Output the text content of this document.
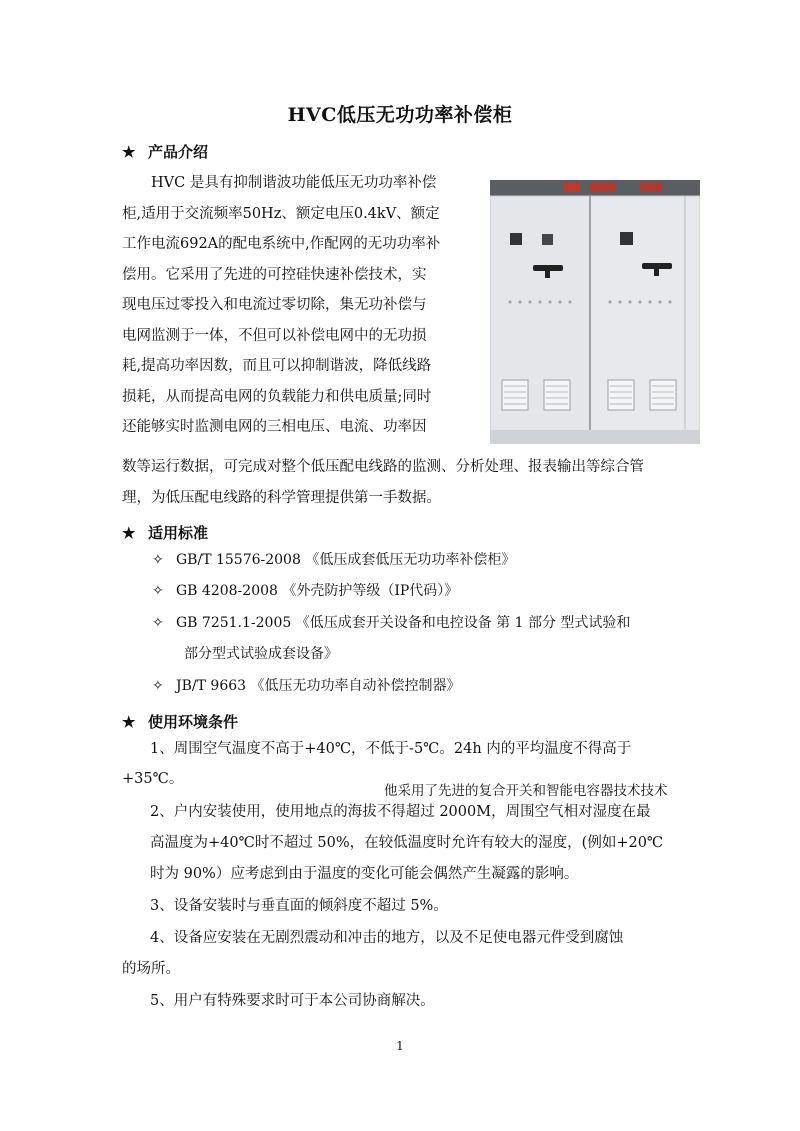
HVC低压无功功率补偿柜
★ 产品介绍
　　HVC 是具有抑制谐波功能低压无功功率补偿
柜,适用于交流频率50Hz、额定电压0.4kV、额定
工作电流692A的配电系统中,作配网的无功功率补
偿用。它采用了先进的可控硅快速补偿技术，实
现电压过零投入和电流过零切除，集无功补偿与
电网监测于一体，不但可以补偿电网中的无功损
耗,提高功率因数，而且可以抑制谐波，降低线路
损耗，从而提高电网的负载能力和供电质量;同时
还能够实时监测电网的三相电压、电流、功率因
数等运行数据，可完成对整个低压配电线路的监测、分析处理、报表输出等综合管
理，为低压配电线路的科学管理提供第一手数据。
★ 适用标准
✧ GB/T 15576-2008 《低压成套低压无功功率补偿柜》
✧ GB 4208-2008 《外壳防护等级（IP代码）》
✧ GB 7251.1-2005 《低压成套开关设备和电控设备 第 1 部分 型式试验和
部分型式试验成套设备》
✧ JB/T 9663 《低压无功功率自动补偿控制器》
★ 使用环境条件
1、周围空气温度不高于+40℃，不低于-5℃。24h 内的平均温度不得高于
+35℃。
他采用了先进的复合开关和智能电容器技术技术
2、户内安装使用，使用地点的海拔不得超过 2000M，周围空气相对湿度在最
高温度为+40℃时不超过 50%，在较低温度时允许有较大的湿度，(例如+20℃
时为 90%）应考虑到由于温度的变化可能会偶然产生凝露的影响。
3、设备安装时与垂直面的倾斜度不超过 5%。
4、设备应安装在无剧烈震动和冲击的地方，以及不足使电器元件受到腐蚀
的场所。
5、用户有特殊要求时可于本公司协商解决。
1
